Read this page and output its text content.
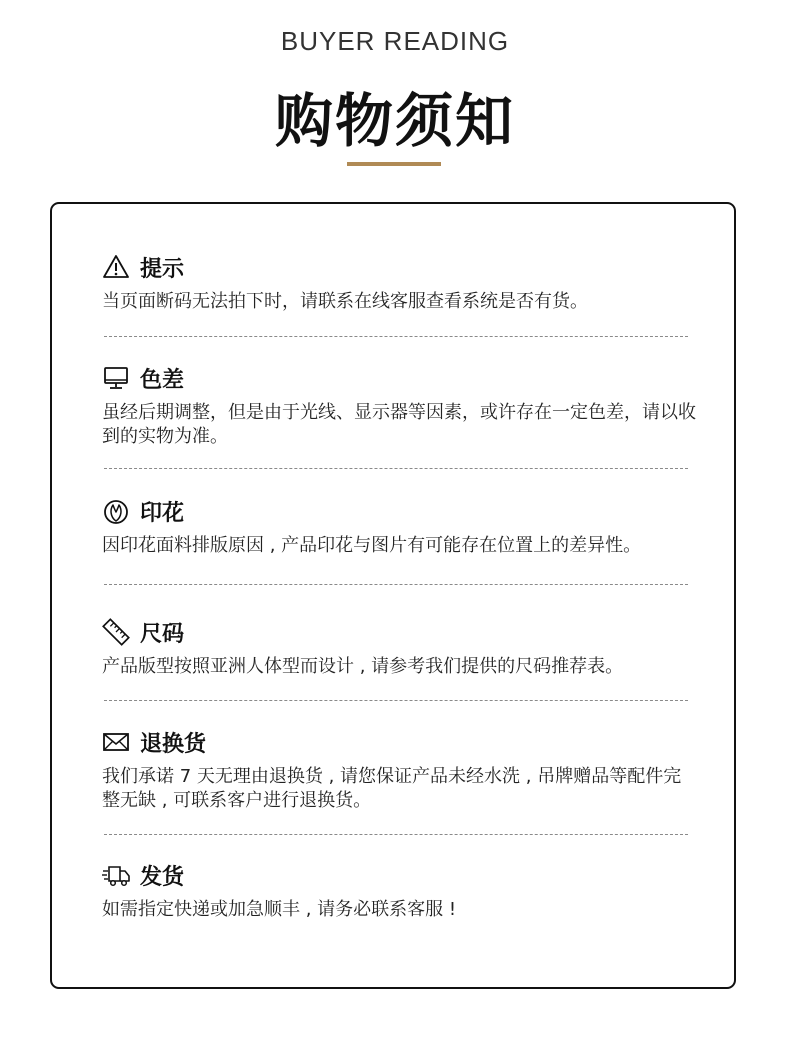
BUYER READING
购物须知
提示
当页面断码无法拍下时，请联系在线客服查看系统是否有货。
色差
虽经后期调整，但是由于光线、显示器等因素，或许存在一定色差，请以收到的实物为准。
印花
因印花面料排版原因 , 产品印花与图片有可能存在位置上的差异性。
尺码
产品版型按照亚洲人体型而设计 , 请参考我们提供的尺码推荐表。
退换货
我们承诺 7 天无理由退换货 , 请您保证产品未经水洗 , 吊牌赠品等配件完整无缺 , 可联系客户进行退换货。
发货
如需指定快递或加急顺丰 , 请务必联系客服 !
